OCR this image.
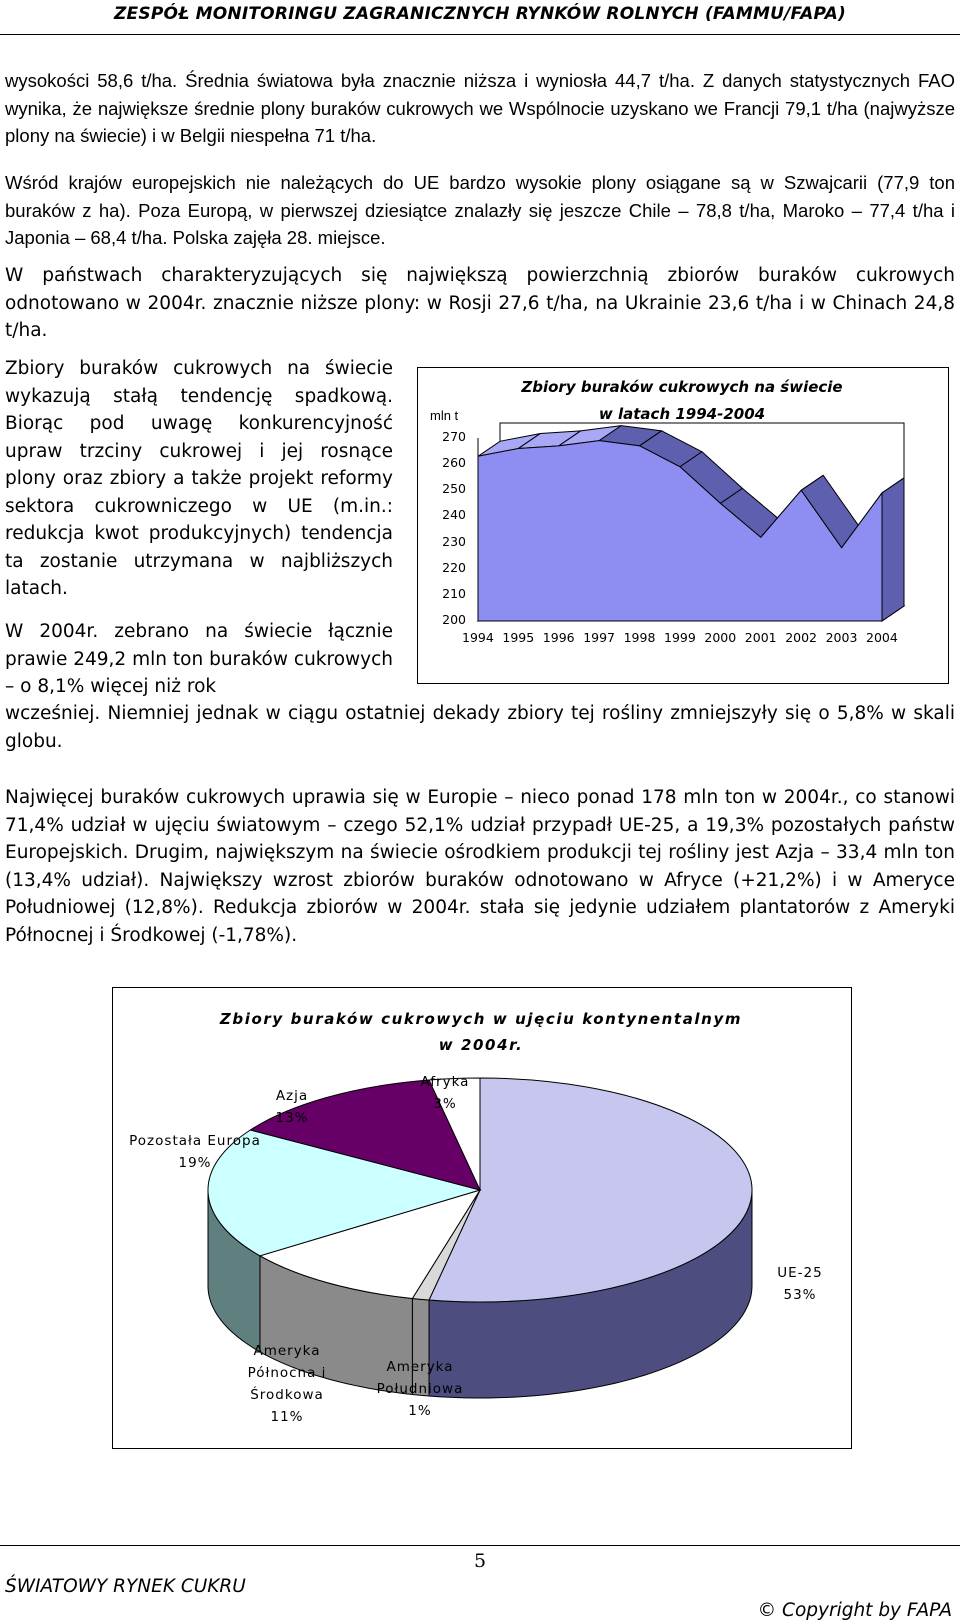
ZESPÓŁ MONITORINGU ZAGRANICZNYCH RYNKÓW ROLNYCH (FAMMU/FAPA)

wysokości 58,6 t/ha. Średnia światowa była znacznie niższa i wyniosła 44,7 t/ha. Z danych statystycznych FAO wynika, że największe średnie plony buraków cukrowych we Wspólnocie uzyskano we Francji 79,1 t/ha (najwyższe plony na świecie) i w Belgii niespełna 71 t/ha.

Wśród krajów europejskich nie należących do UE bardzo wysokie plony osiągane są w Szwajcarii (77,9 ton buraków z ha). Poza Europą, w pierwszej dziesiątce znalazły się jeszcze Chile – 78,8 t/ha, Maroko – 77,4 t/ha i Japonia – 68,4 t/ha. Polska zajęła 28. miejsce.

W państwach charakteryzujących się największą powierzchnią zbiorów buraków cukrowych odnotowano w 2004r. znacznie niższe plony: w Rosji 27,6 t/ha, na Ukrainie 23,6 t/ha i w Chinach 24,8 t/ha.

Zbiory buraków cukrowych na świecie wykazują stałą tendencję spadkową. Biorąc pod uwagę konkurencyjność upraw trzciny cukrowej i jej rosnące plony oraz zbiory a także projekt reformy sektora cukrowniczego w UE (m.in.: redukcja kwot produkcyjnych) tendencja ta zostanie utrzymana w najbliższych latach.

W 2004r. zebrano na świecie łącznie prawie 249,2 mln ton buraków cukrowych – o 8,1% więcej niż rok

wcześniej. Niemniej jednak w ciągu ostatniej dekady zbiory tej rośliny zmniejszyły się o 5,8% w skali globu.

Najwięcej buraków cukrowych uprawia się w Europie – nieco ponad 178 mln ton w 2004r., co stanowi 71,4% udział w ujęciu światowym – czego 52,1% udział przypadł UE-25, a 19,3% pozostałych państw Europejskich. Drugim, największym na świecie ośrodkiem produkcji tej rośliny jest Azja – 33,4 mln ton (13,4% udział). Największy wzrost zbiorów buraków odnotowano w Afryce (+21,2%) i w Ameryce Południowej (12,8%). Redukcja zbiorów w 2004r. stała się jedynie udziałem plantatorów z Ameryki Północnej i Środkowej (-1,78%).

Zbiory buraków cukrowych na świecie
w latach 1994-2004
mln t
Zbiory buraków cukrowych w ujęciu kontynentalnym
w 2004r.
UE-25
53%
Ameryka
Południowa
1%
Ameryka
Północna i
Środkowa
11%
Pozostała Europa
19%
Azja
13%
Afryka
3%
5
ŚWIATOWY RYNEK CUKRU
© Copyright by FAPA
200
210
220
230
240
250
260
270
1994 1995 1996 1997 1998 1999 2000 2001 2002 2003 2004
